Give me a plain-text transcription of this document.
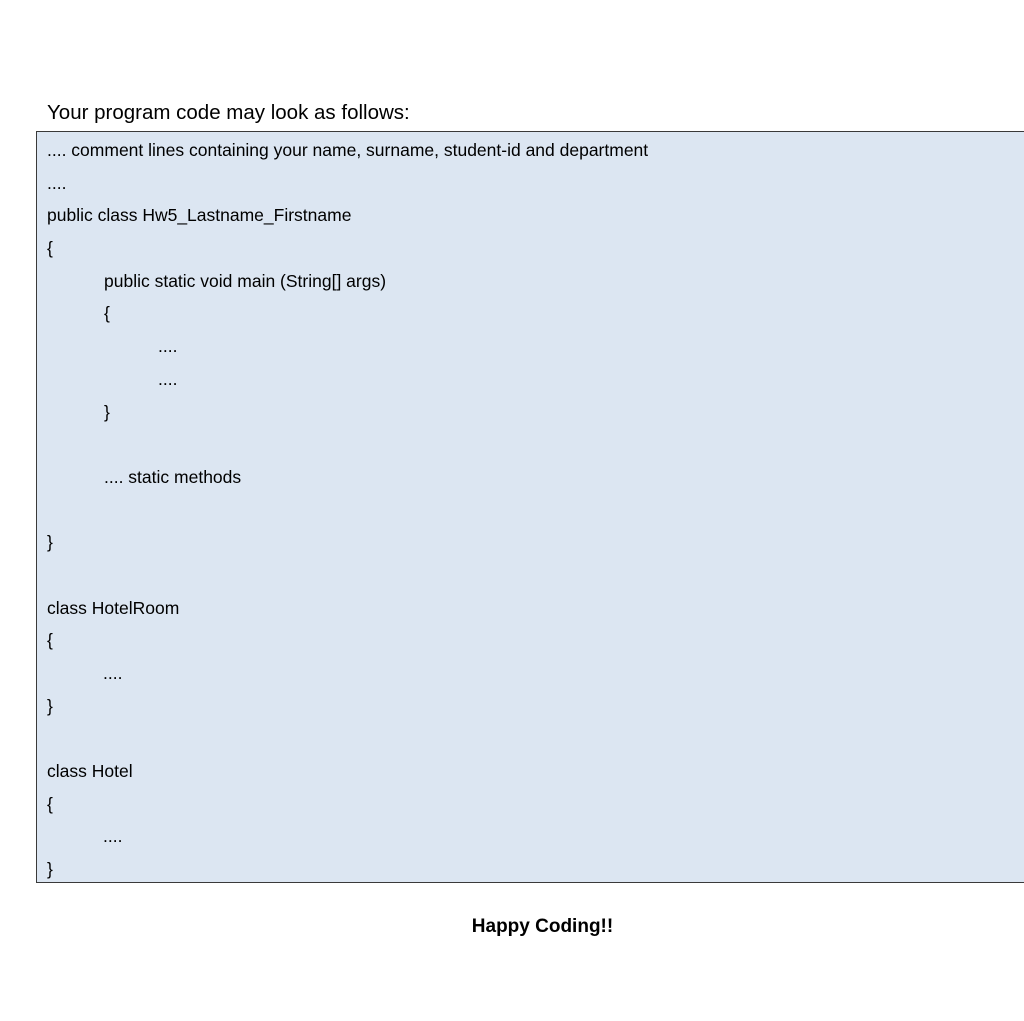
Your program code may look as follows:
.... comment lines containing your name, surname, student-id and department
....
public class Hw5_Lastname_Firstname
{
public static void main (String[] args)
{
....
....
}
.... static methods
}
class HotelRoom
{
....
}
class Hotel
{
....
}
Happy Coding!!
